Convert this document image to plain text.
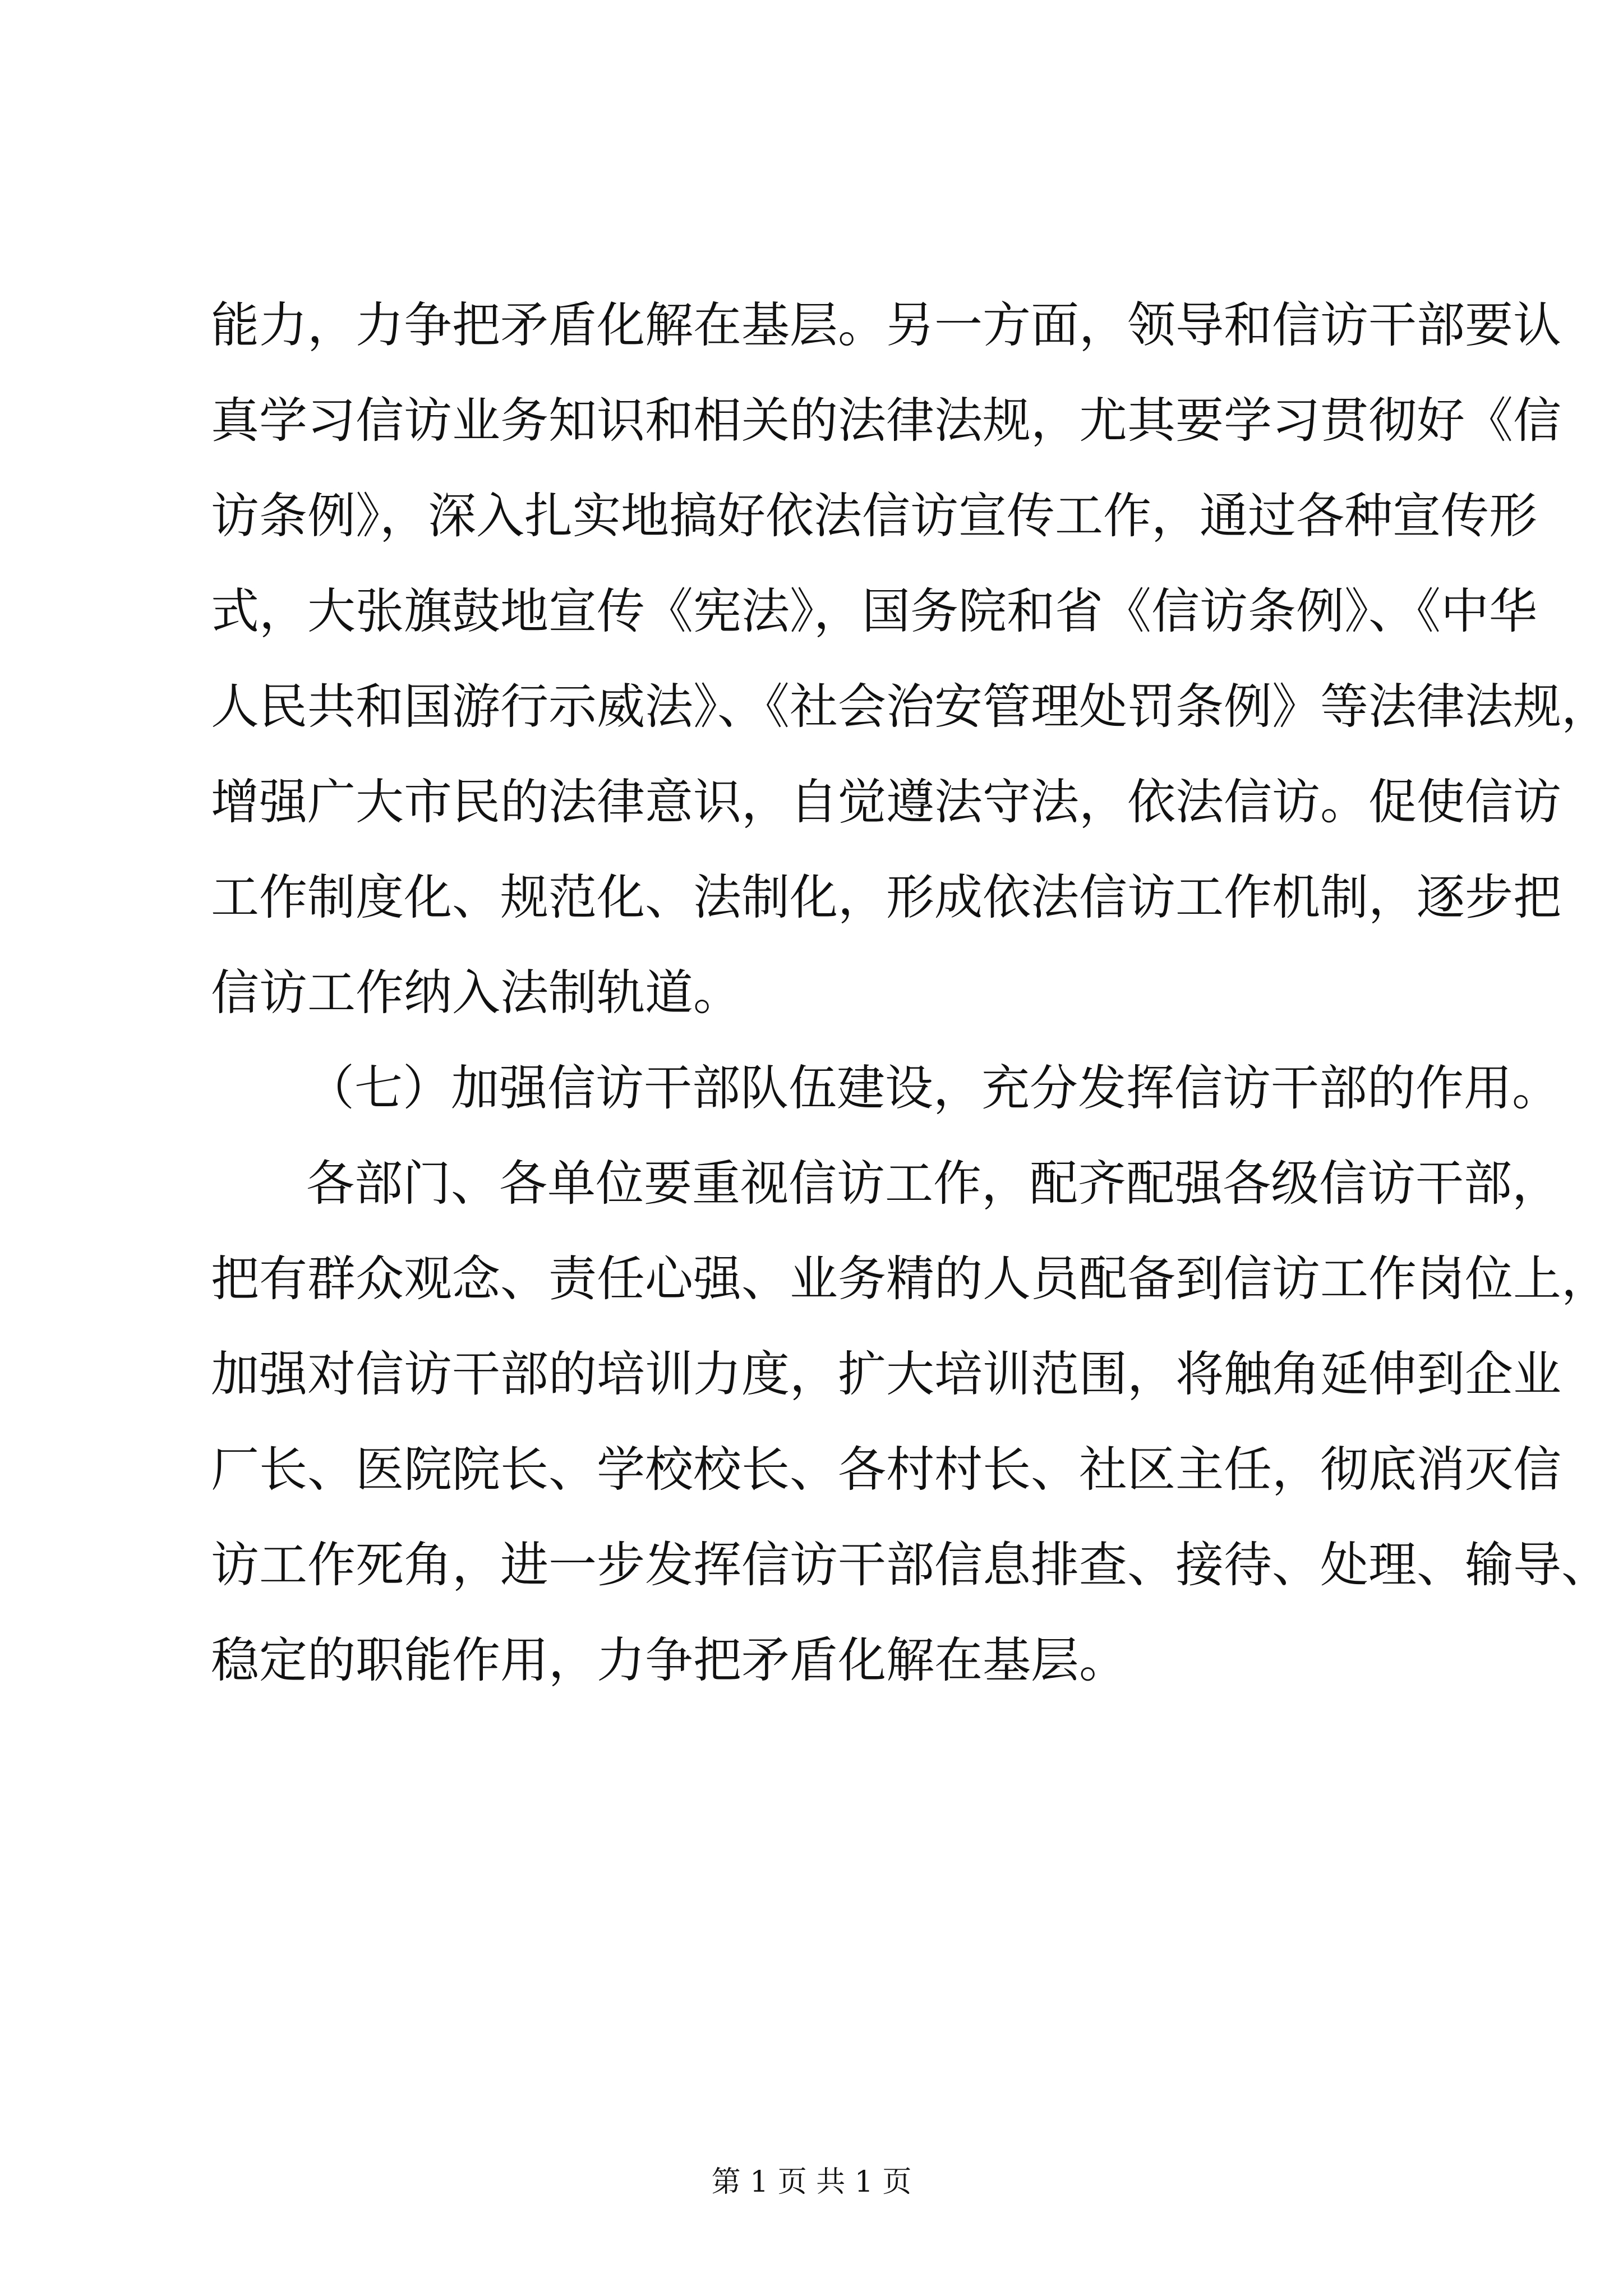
能力，力争把矛盾化解在基层。另一方面，领导和信访干部要认
真学习信访业务知识和相关的法律法规，尤其要学习贯彻好《信
访条例》，深入扎实地搞好依法信访宣传工作，通过各种宣传形
式，大张旗鼓地宣传《宪法》，国务院和省《信访条例》、《中华
人民共和国游行示威法》、《社会治安管理处罚条例》等法律法规，
增强广大市民的法律意识，自觉遵法守法，依法信访。促使信访
工作制度化、规范化、法制化，形成依法信访工作机制，逐步把
信访工作纳入法制轨道。
（七）加强信访干部队伍建设，充分发挥信访干部的作用。
各部门、各单位要重视信访工作，配齐配强各级信访干部，
把有群众观念、责任心强、业务精的人员配备到信访工作岗位上，
加强对信访干部的培训力度，扩大培训范围，将触角延伸到企业
厂长、医院院长、学校校长、各村村长、社区主任，彻底消灭信
访工作死角，进一步发挥信访干部信息排查、接待、处理、输导、
稳定的职能作用，力争把矛盾化解在基层。
第 1 页 共 1 页
